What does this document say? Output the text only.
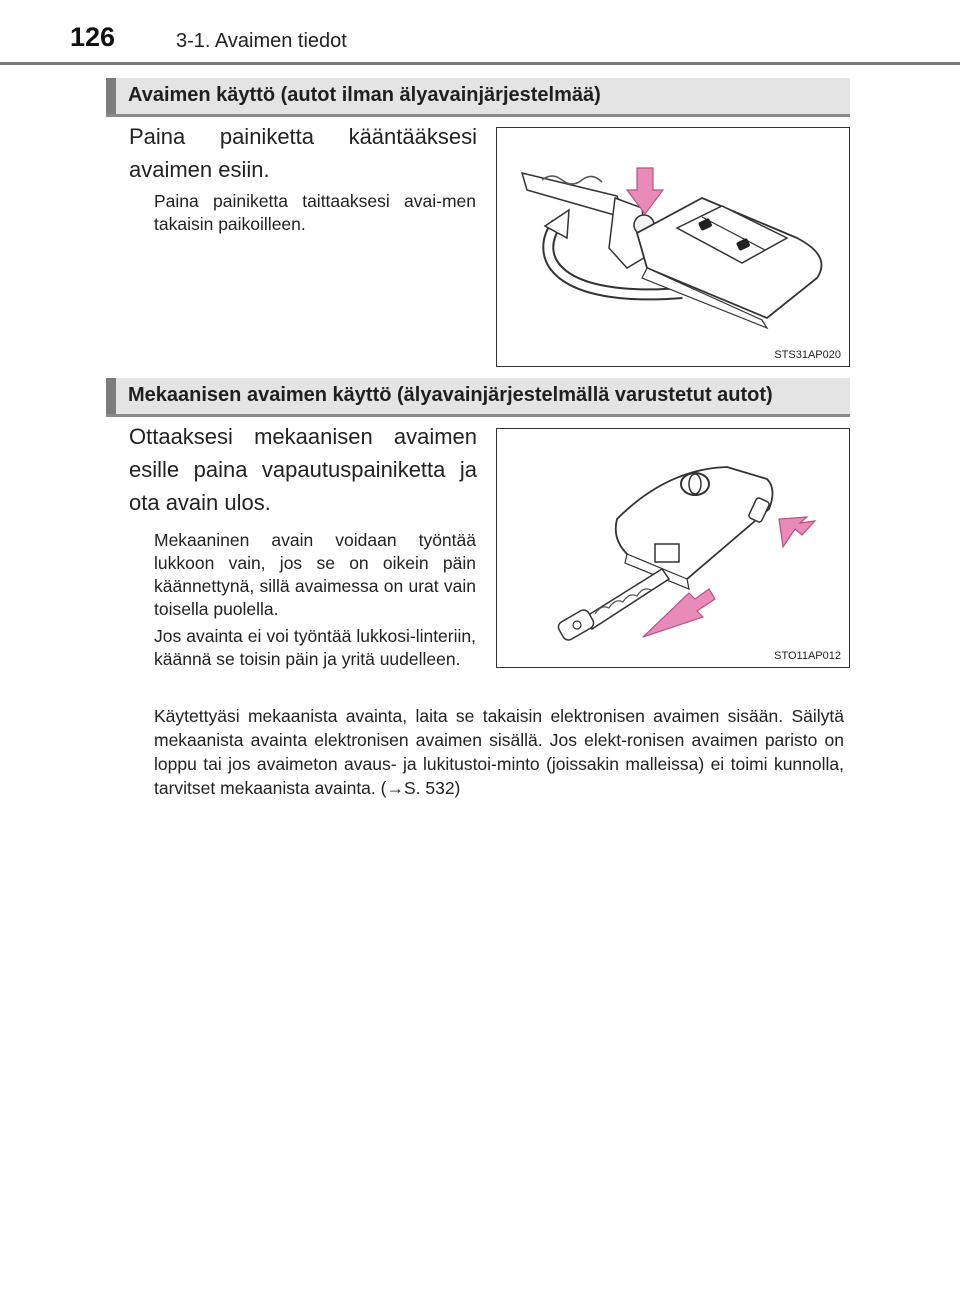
126	3-1. Avaimen tiedot
Avaimen käyttö (autot ilman älyavainjärjestelmää)
Paina painiketta kääntääksesi avaimen esiin.
Paina painiketta taittaaksesi avai-men takaisin paikoilleen.
STS31AP020
Mekaanisen avaimen käyttö (älyavainjärjestelmällä varustetut autot)
Ottaaksesi mekaanisen avaimen esille paina vapautuspainiketta ja ota avain ulos.
Mekaaninen avain voidaan työntää lukkoon vain, jos se on oikein päin käännettynä, sillä avaimessa on urat vain toisella puolella.
Jos avainta ei voi työntää lukkosi-linteriin, käännä se toisin päin ja yritä uudelleen.	STO11AP012
Käytettyäsi mekaanista avainta, laita se takaisin elektronisen avaimen sisään. Säilytä mekaanista avainta elektronisen avaimen sisällä. Jos elekt-ronisen avaimen paristo on loppu tai jos avaimeton avaus- ja lukitustoi-minto (joissakin malleissa) ei toimi kunnolla, tarvitset mekaanista avainta. (→S. 532)
